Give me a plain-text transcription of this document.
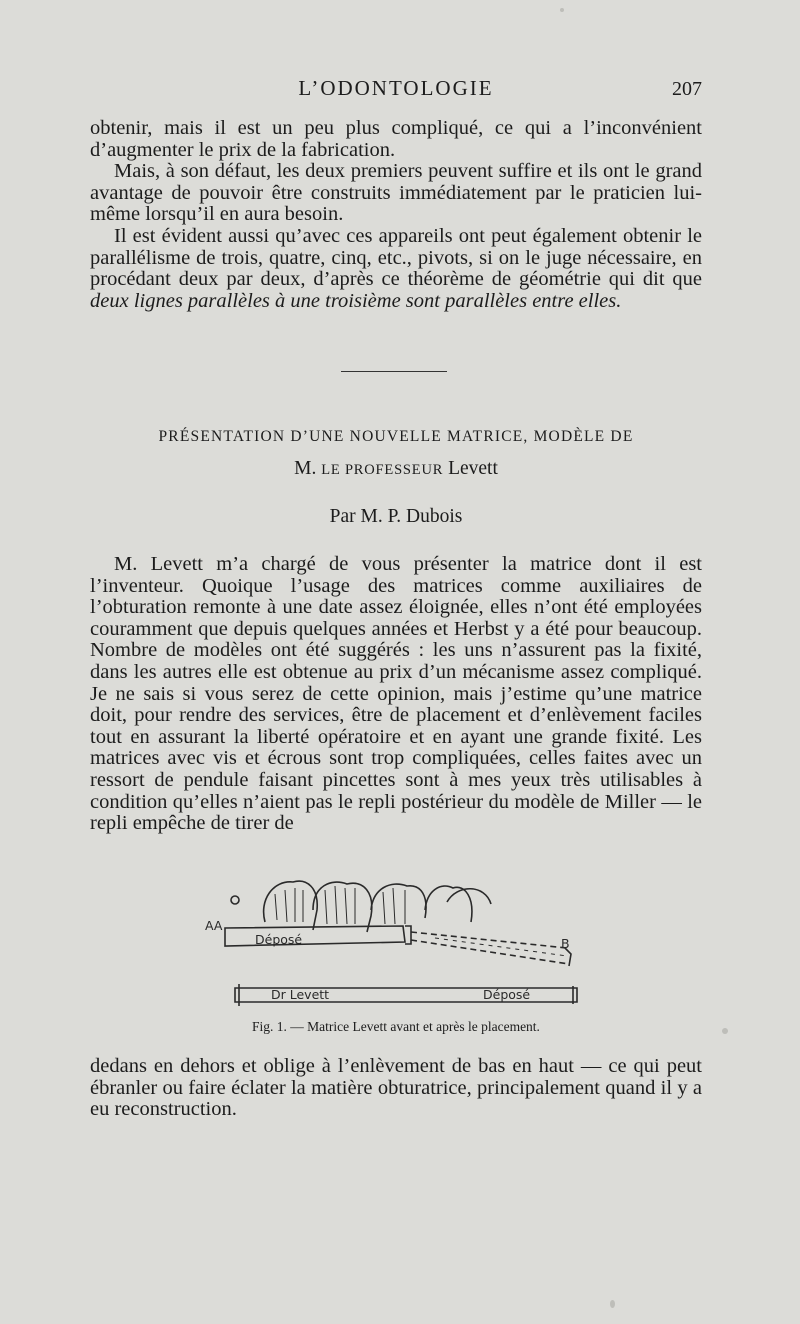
L’ODONTOLOGIE	207

obtenir, mais il est un peu plus compliqué, ce qui a l’inconvénient d’augmenter le prix de la fabrication.

Mais, à son défaut, les deux premiers peuvent suffire et ils ont le grand avantage de pouvoir être construits immédiatement par le praticien lui-même lorsqu’il en aura besoin.

Il est évident aussi qu’avec ces appareils ont peut également obtenir le parallélisme de trois, quatre, cinq, etc., pivots, si on le juge nécessaire, en procédant deux par deux, d’après ce théorème de géométrie qui dit que deux lignes parallèles à une troisième sont parallèles entre elles.

PRÉSENTATION D’UNE NOUVELLE MATRICE, MODÈLE DE
M. LE PROFESSEUR Levett
Par M. P. Dubois

M. Levett m’a chargé de vous présenter la matrice dont il est l’inventeur. Quoique l’usage des matrices comme auxiliaires de l’obturation remonte à une date assez éloignée, elles n’ont été employées couramment que depuis quelques années et Herbst y a été pour beaucoup. Nombre de modèles ont été suggérés : les uns n’assurent pas la fixité, dans les autres elle est obtenue au prix d’un mécanisme assez compliqué. Je ne sais si vous serez de cette opinion, mais j’estime qu’une matrice doit, pour rendre des services, être de placement et d’enlèvement faciles tout en assurant la liberté opératoire et en ayant une grande fixité. Les matrices avec vis et écrous sont trop compliquées, celles faites avec un ressort de pendule faisant pincettes sont à mes yeux très utilisables à condition qu’elles n’aient pas le repli postérieur du modèle de Miller — le repli empêche de tirer de

AA
Déposé	B
Dr Levett	Déposé
Fig. 1. — Matrice Levett avant et après le placement.

dedans en dehors et oblige à l’enlèvement de bas en haut — ce qui peut ébranler ou faire éclater la matière obturatrice, principalement quand il y a eu reconstruction.
